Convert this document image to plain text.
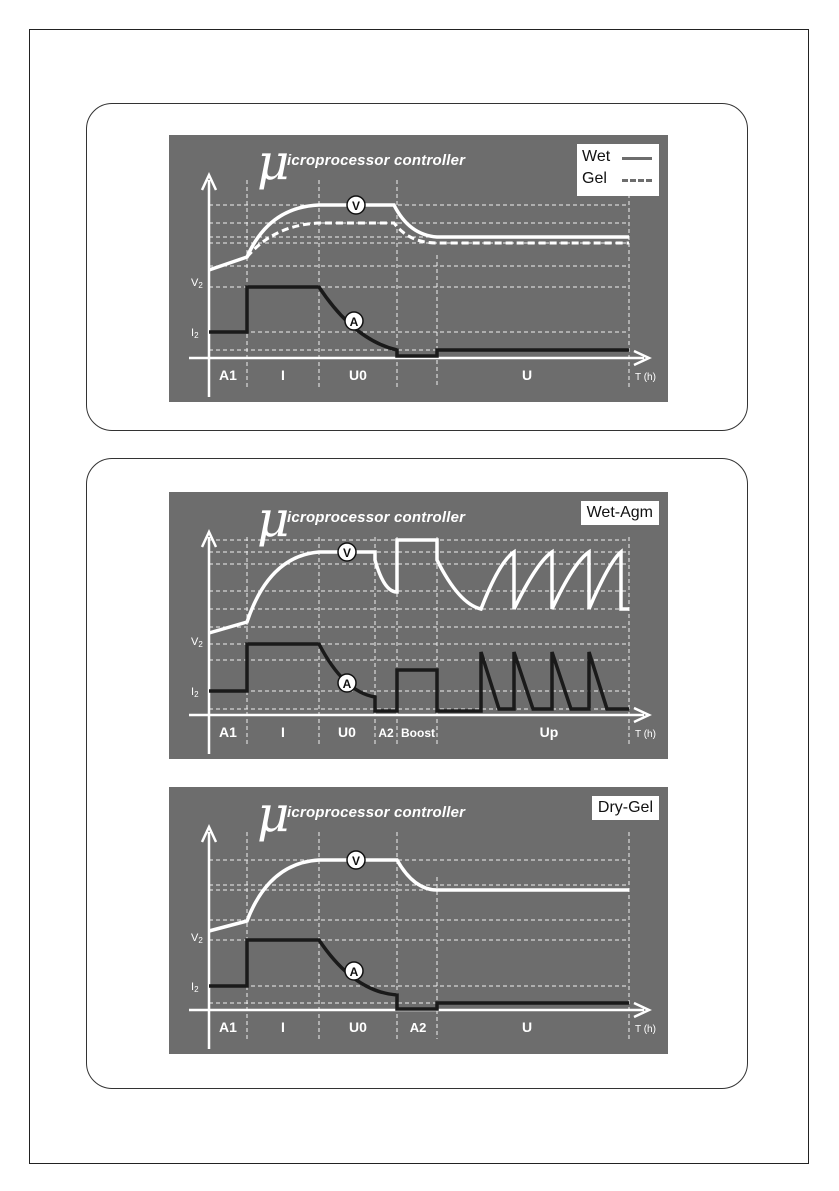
V
A
V2
I2
T (h)
A1	I	U0	U
μ
icroprocessor controller	Wet
Gel
V
A
V2
I2
T (h)
A1	I	U0 A2 Boost	Up
μ
icroprocessor controller	Wet-Agm
V
A
V2
I2
T (h)
A1	I	U0	A2	U
μ
icroprocessor controller	Dry-Gel
